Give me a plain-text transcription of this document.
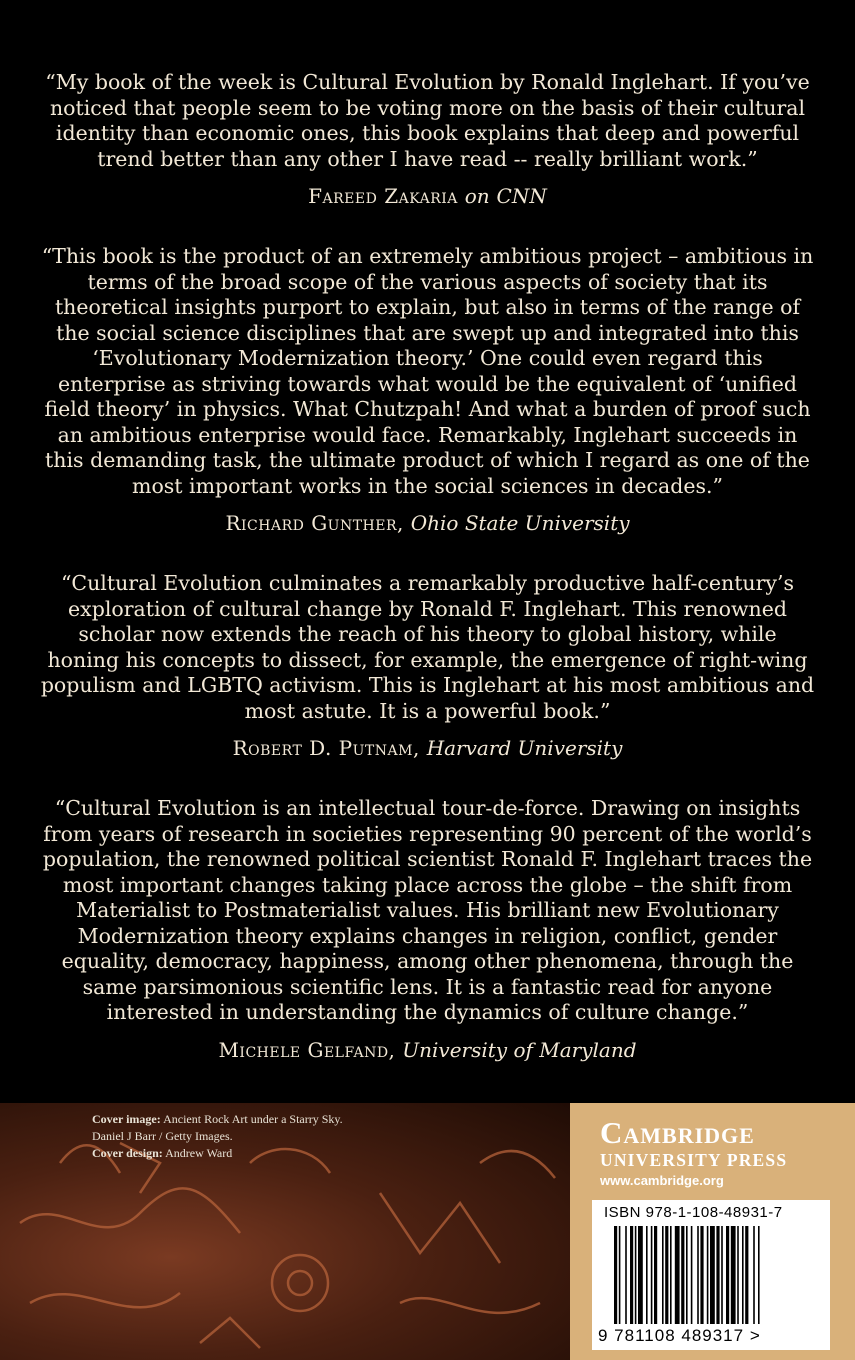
“My book of the week is Cultural Evolution by Ronald Inglehart. If you’ve noticed that people seem to be voting more on the basis of their cultural identity than economic ones, this book explains that deep and powerful trend better than any other I have read -- really brilliant work.”

Fareed Zakaria on CNN

“This book is the product of an extremely ambitious project – ambitious in terms of the broad scope of the various aspects of society that its theoretical insights purport to explain, but also in terms of the range of the social science disciplines that are swept up and integrated into this ‘Evolutionary Modernization theory.’ One could even regard this enterprise as striving towards what would be the equivalent of ‘unified field theory’ in physics. What Chutzpah! And what a burden of proof such an ambitious enterprise would face. Remarkably, Inglehart succeeds in this demanding task, the ultimate product of which I regard as one of the most important works in the social sciences in decades.”

Richard Gunther, Ohio State University

“Cultural Evolution culminates a remarkably productive half-century’s exploration of cultural change by Ronald F. Inglehart. This renowned scholar now extends the reach of his theory to global history, while honing his concepts to dissect, for example, the emergence of right-wing populism and LGBTQ activism. This is Inglehart at his most ambitious and most astute. It is a powerful book.”

Robert D. Putnam, Harvard University

“Cultural Evolution is an intellectual tour-de-force. Drawing on insights from years of research in societies representing 90 percent of the world’s population, the renowned political scientist Ronald F. Inglehart traces the most important changes taking place across the globe – the shift from Materialist to Postmaterialist values. His brilliant new Evolutionary Modernization theory explains changes in religion, conflict, gender equality, democracy, happiness, among other phenomena, through the same parsimonious scientific lens. It is a fantastic read for anyone interested in understanding the dynamics of culture change.”

Michele Gelfand, University of Maryland
Cover image: Ancient Rock Art under a Starry Sky.
Daniel J Barr / Getty Images.
Cover design: Andrew Ward
Cambridge
UNIVERSITY PRESS
www.cambridge.org
ISBN 978-1-108-48931-7
9 781108 489317 >
